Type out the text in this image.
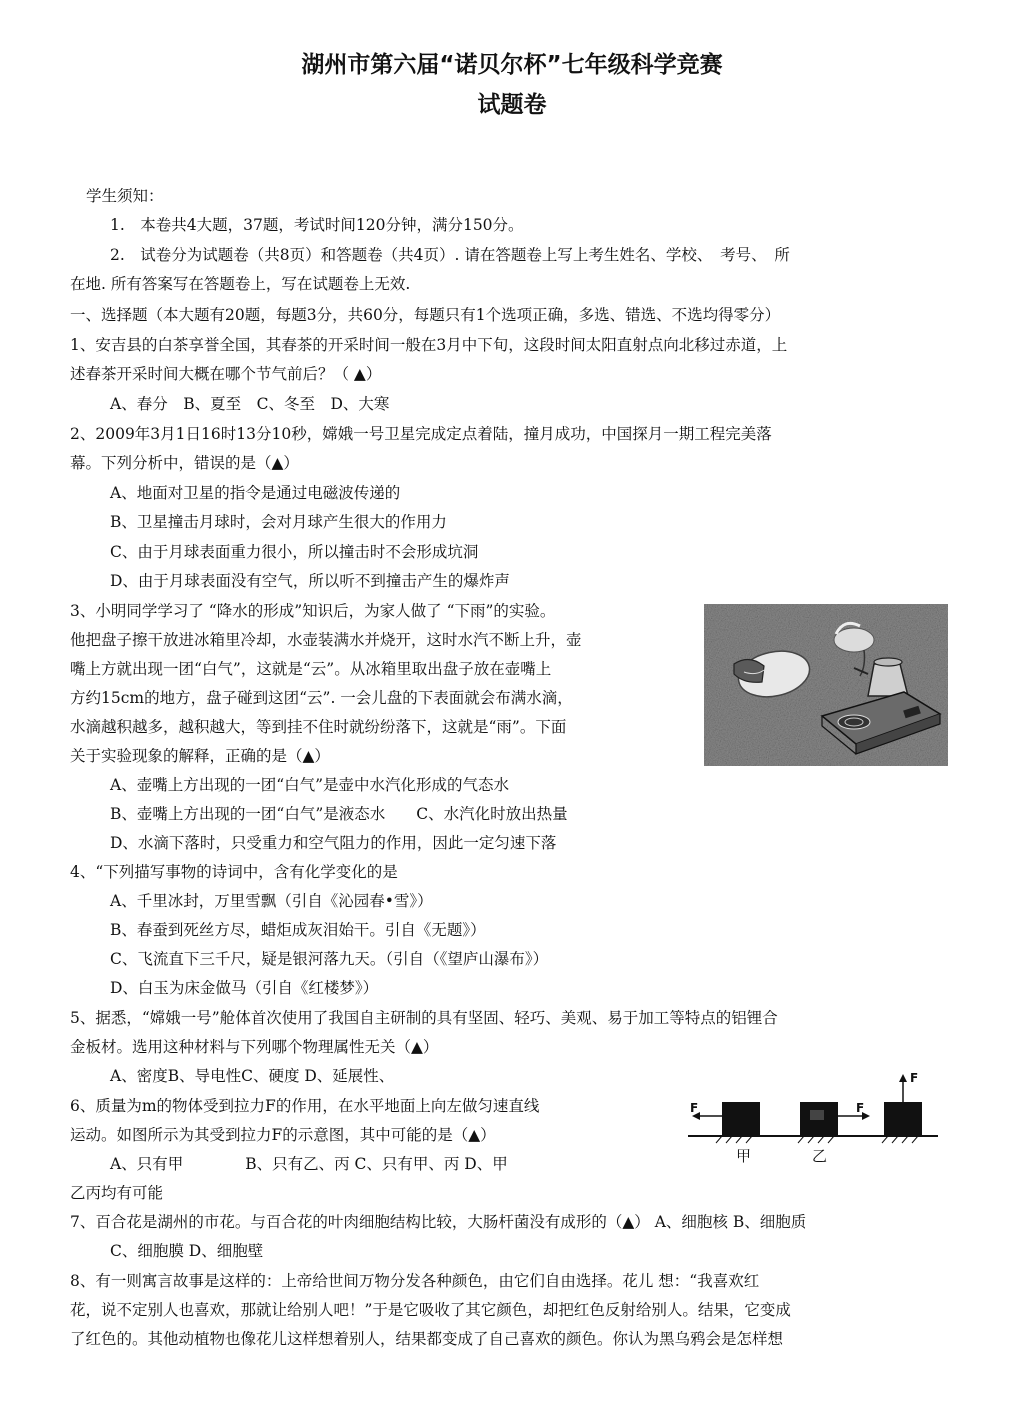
湖州市第六届“诺贝尔杯”七年级科学竞赛
试题卷
学生须知：
1.　本卷共4大题，37题，考试时间120分钟，满分150分。
2.　试卷分为试题卷（共8页）和答题卷（共4页）. 请在答题卷上写上考生姓名、学校、　考号、　所
在地. 所有答案写在答题卷上，写在试题卷上无效.
一、选择题（本大题有20题，每题3分，共60分，每题只有1个选项正确，多选、错选、不选均得零分）
1、安吉县的白茶享誉全国，其春茶的开采时间一般在3月中下旬，这段时间太阳直射点向北移过赤道，上
述春茶开采时间大概在哪个节气前后？（ ▲）
A、春分　B、夏至　C、冬至　D、大寒
2、2009年3月1日16时13分10秒，嫦娥一号卫星完成定点着陆，撞月成功，中国探月一期工程完美落
幕。下列分析中，错误的是（▲）
A、地面对卫星的指令是通过电磁波传递的
B、卫星撞击月球时，会对月球产生很大的作用力
C、由于月球表面重力很小，所以撞击时不会形成坑洞
D、由于月球表面没有空气，所以听不到撞击产生的爆炸声
3、小明同学学习了 “降水的形成”知识后，为家人做了 “下雨”的实验。
他把盘子擦干放进冰箱里冷却，水壶装满水并烧开，这时水汽不断上升，壶
嘴上方就出现一团“白气”，这就是“云”。从冰箱里取出盘子放在壶嘴上
方约15cm的地方，盘子碰到这团“云”. 一会儿盘的下表面就会布满水滴，
水滴越积越多，越积越大，等到挂不住时就纷纷落下，这就是“雨”。下面
关于实验现象的解释，正确的是（▲）
A、壶嘴上方出现的一团“白气”是壶中水汽化形成的气态水
B、壶嘴上方出现的一团“白气”是液态水　　C、水汽化时放出热量
D、水滴下落时，只受重力和空气阻力的作用，因此一定匀速下落
4、“下列描写事物的诗词中，含有化学变化的是
A、千里冰封，万里雪飘（引自《沁园春•雪》）
B、春蚕到死丝方尽，蜡炬成灰泪始干。引自《无题》）
C、飞流直下三千尺，疑是银河落九天。（引自（《望庐山瀑布》）
D、白玉为床金做马（引自《红楼梦》）
5、据悉，“嫦娥一号”舱体首次使用了我国自主研制的具有坚固、轻巧、美观、易于加工等特点的铝锂合
金板材。选用这种材料与下列哪个物理属性无关（▲）
A、密度B、导电性C、硬度 D、延展性、
6、质量为m的物体受到拉力F的作用，在水平地面上向左做匀速直线
运动。如图所示为其受到拉力F的示意图，其中可能的是（▲）
A、只有甲　　　　B、只有乙、丙 C、只有甲、丙 D、甲
乙丙均有可能
F	F
F
甲	乙
7、百合花是湖州的市花。与百合花的叶肉细胞结构比较，大肠杆菌没有成形的（▲） A、细胞核 B、细胞质
C、细胞膜 D、细胞壁
8、有一则寓言故事是这样的：上帝给世间万物分发各种颜色，由它们自由选择。花儿 想：“我喜欢红
花，说不定别人也喜欢，那就让给别人吧！”于是它吸收了其它颜色，却把红色反射给别人。结果，它变成
了红色的。其他动植物也像花儿这样想着别人，结果都变成了自己喜欢的颜色。你认为黑乌鸦会是怎样想
